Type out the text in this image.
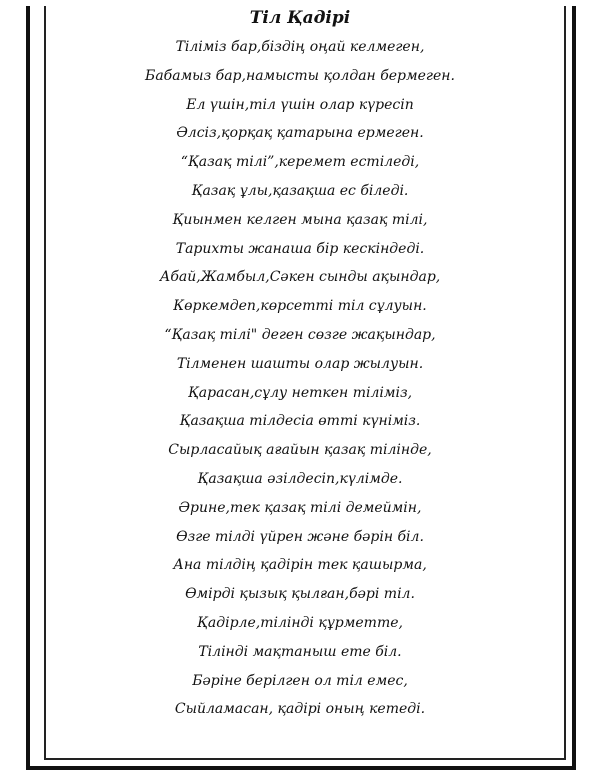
Тіл Қадірі
Тіліміз бар,біздің оңай келмеген,
Бабамыз бар,намысты қолдан бермеген.
Ел үшін,тіл үшін олар күресіп
Әлсіз,қорқақ қатарына ермеген.
“Қазақ тілі”,керемет естіледі,
Қазақ ұлы,қазақша ес біледі.
Қиынмен келген мына қазақ тілі,
Тарихты жанаша бір кескіндеді.
Абай,Жамбыл,Сәкен сынды ақындар,
Көркемдеп,көрсетті тіл сұлуын.
“Қазақ тілі" деген сөзге жақындар,
Тілменен шашты олар жылуын.
Қарасан,сұлу неткен тіліміз,
Қазақша тілдесіа өтті күніміз.
Сырласайық ағайын қазақ тілінде,
Қазақша әзілдесіп,күлімде.
Әрине,тек қазақ тілі демеймін,
Өзге тілді үйрен және бәрін біл.
Ана тілдің қадірін тек қашырма,
Өмірді қызық қылған,бәрі тіл.
Қадірле,тілінді құрметте,
Тілінді мақтаныш ете біл.
Бәріне берілген ол тіл емес,
Сыйламасан, қадірі оның кетеді.
